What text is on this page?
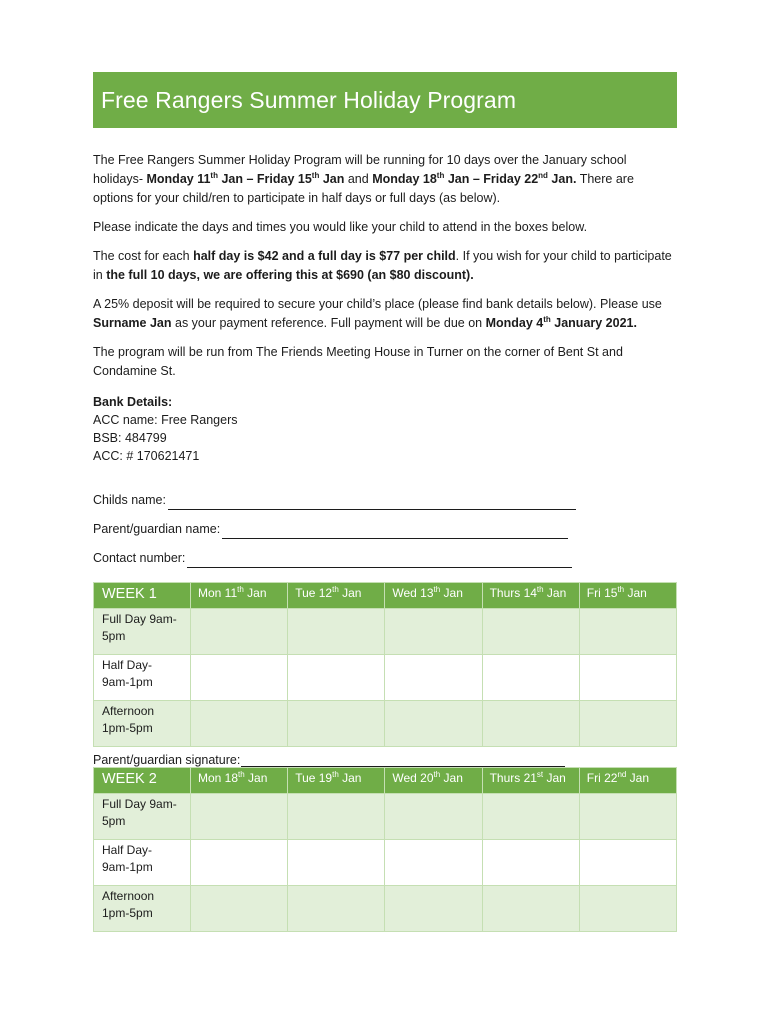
Free Rangers Summer Holiday Program

The Free Rangers Summer Holiday Program will be running for 10 days over the January school holidays- Monday 11th Jan – Friday 15th Jan and Monday 18th Jan – Friday 22nd Jan. There are options for your child/ren to participate in half days or full days (as below).

Please indicate the days and times you would like your child to attend in the boxes below.

The cost for each half day is $42 and a full day is $77 per child. If you wish for your child to participate in the full 10 days, we are offering this at $690 (an $80 discount).

A 25% deposit will be required to secure your child’s place (please find bank details below). Please use Surname Jan as your payment reference. Full payment will be due on Monday 4th January 2021.

The program will be run from The Friends Meeting House in Turner on the corner of Bent St and Condamine St.

Bank Details:
ACC name: Free Rangers
BSB: 484799
ACC: # 170621471
Childs name:
Parent/guardian name:
Contact number:
WEEK 1	Mon 11th Jan	Tue 12th Jan	Wed 13th Jan	Thurs 14th Jan	Fri 15th Jan

Full Day 9am-
5pm					

Half Day-
9am-1pm					

Afternoon
1pm-5pm					

Parent/guardian signature:
WEEK 2	Mon 18th Jan	Tue 19th Jan	Wed 20th Jan	Thurs 21st Jan	Fri 22nd Jan

Full Day 9am-
5pm					

Half Day-
9am-1pm					

Afternoon
1pm-5pm					
